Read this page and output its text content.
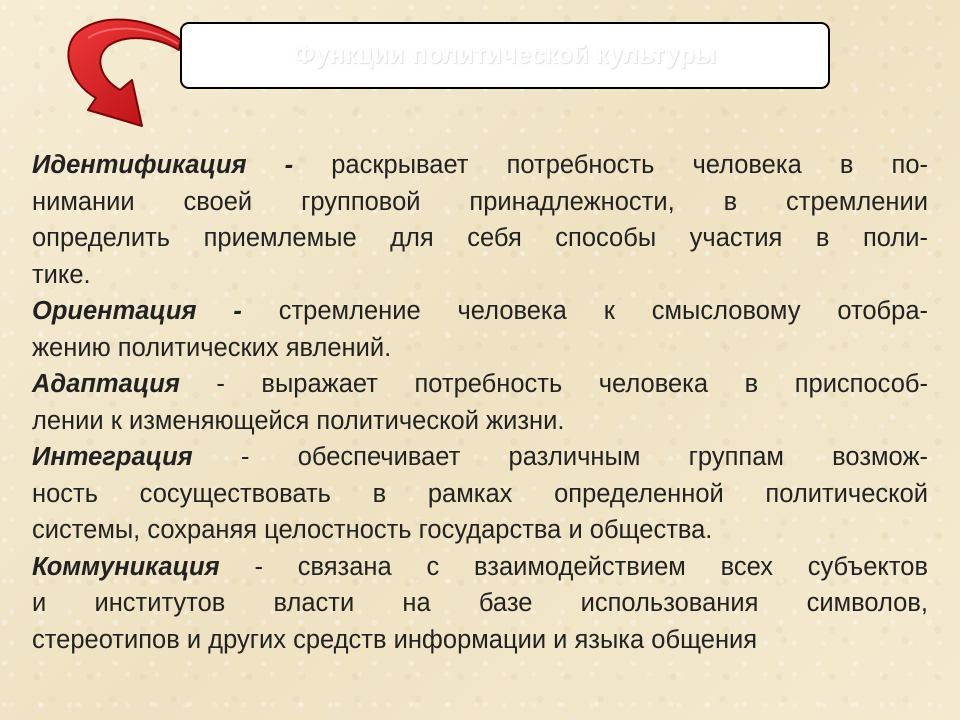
Функции политической культуры
Идентификация - раскрывает потребность человека в по-
нимании своей групповой принадлежности, в стремлении
определить приемлемые для себя способы участия в поли-
тике.
Ориентация - стремление человека к смысловому отобра-
жению политических явлений.
Адаптация - выражает потребность человека в приспособ-
лении к изменяющейся политической жизни.
Интеграция - обеспечивает различным группам возмож-
ность сосуществовать в рамках определенной политической
системы, сохраняя целостность государства и общества.
Коммуникация - связана с взаимодействием всех субъектов
и институтов власти на базе использования символов,
стереотипов и других средств информации и языка общения
